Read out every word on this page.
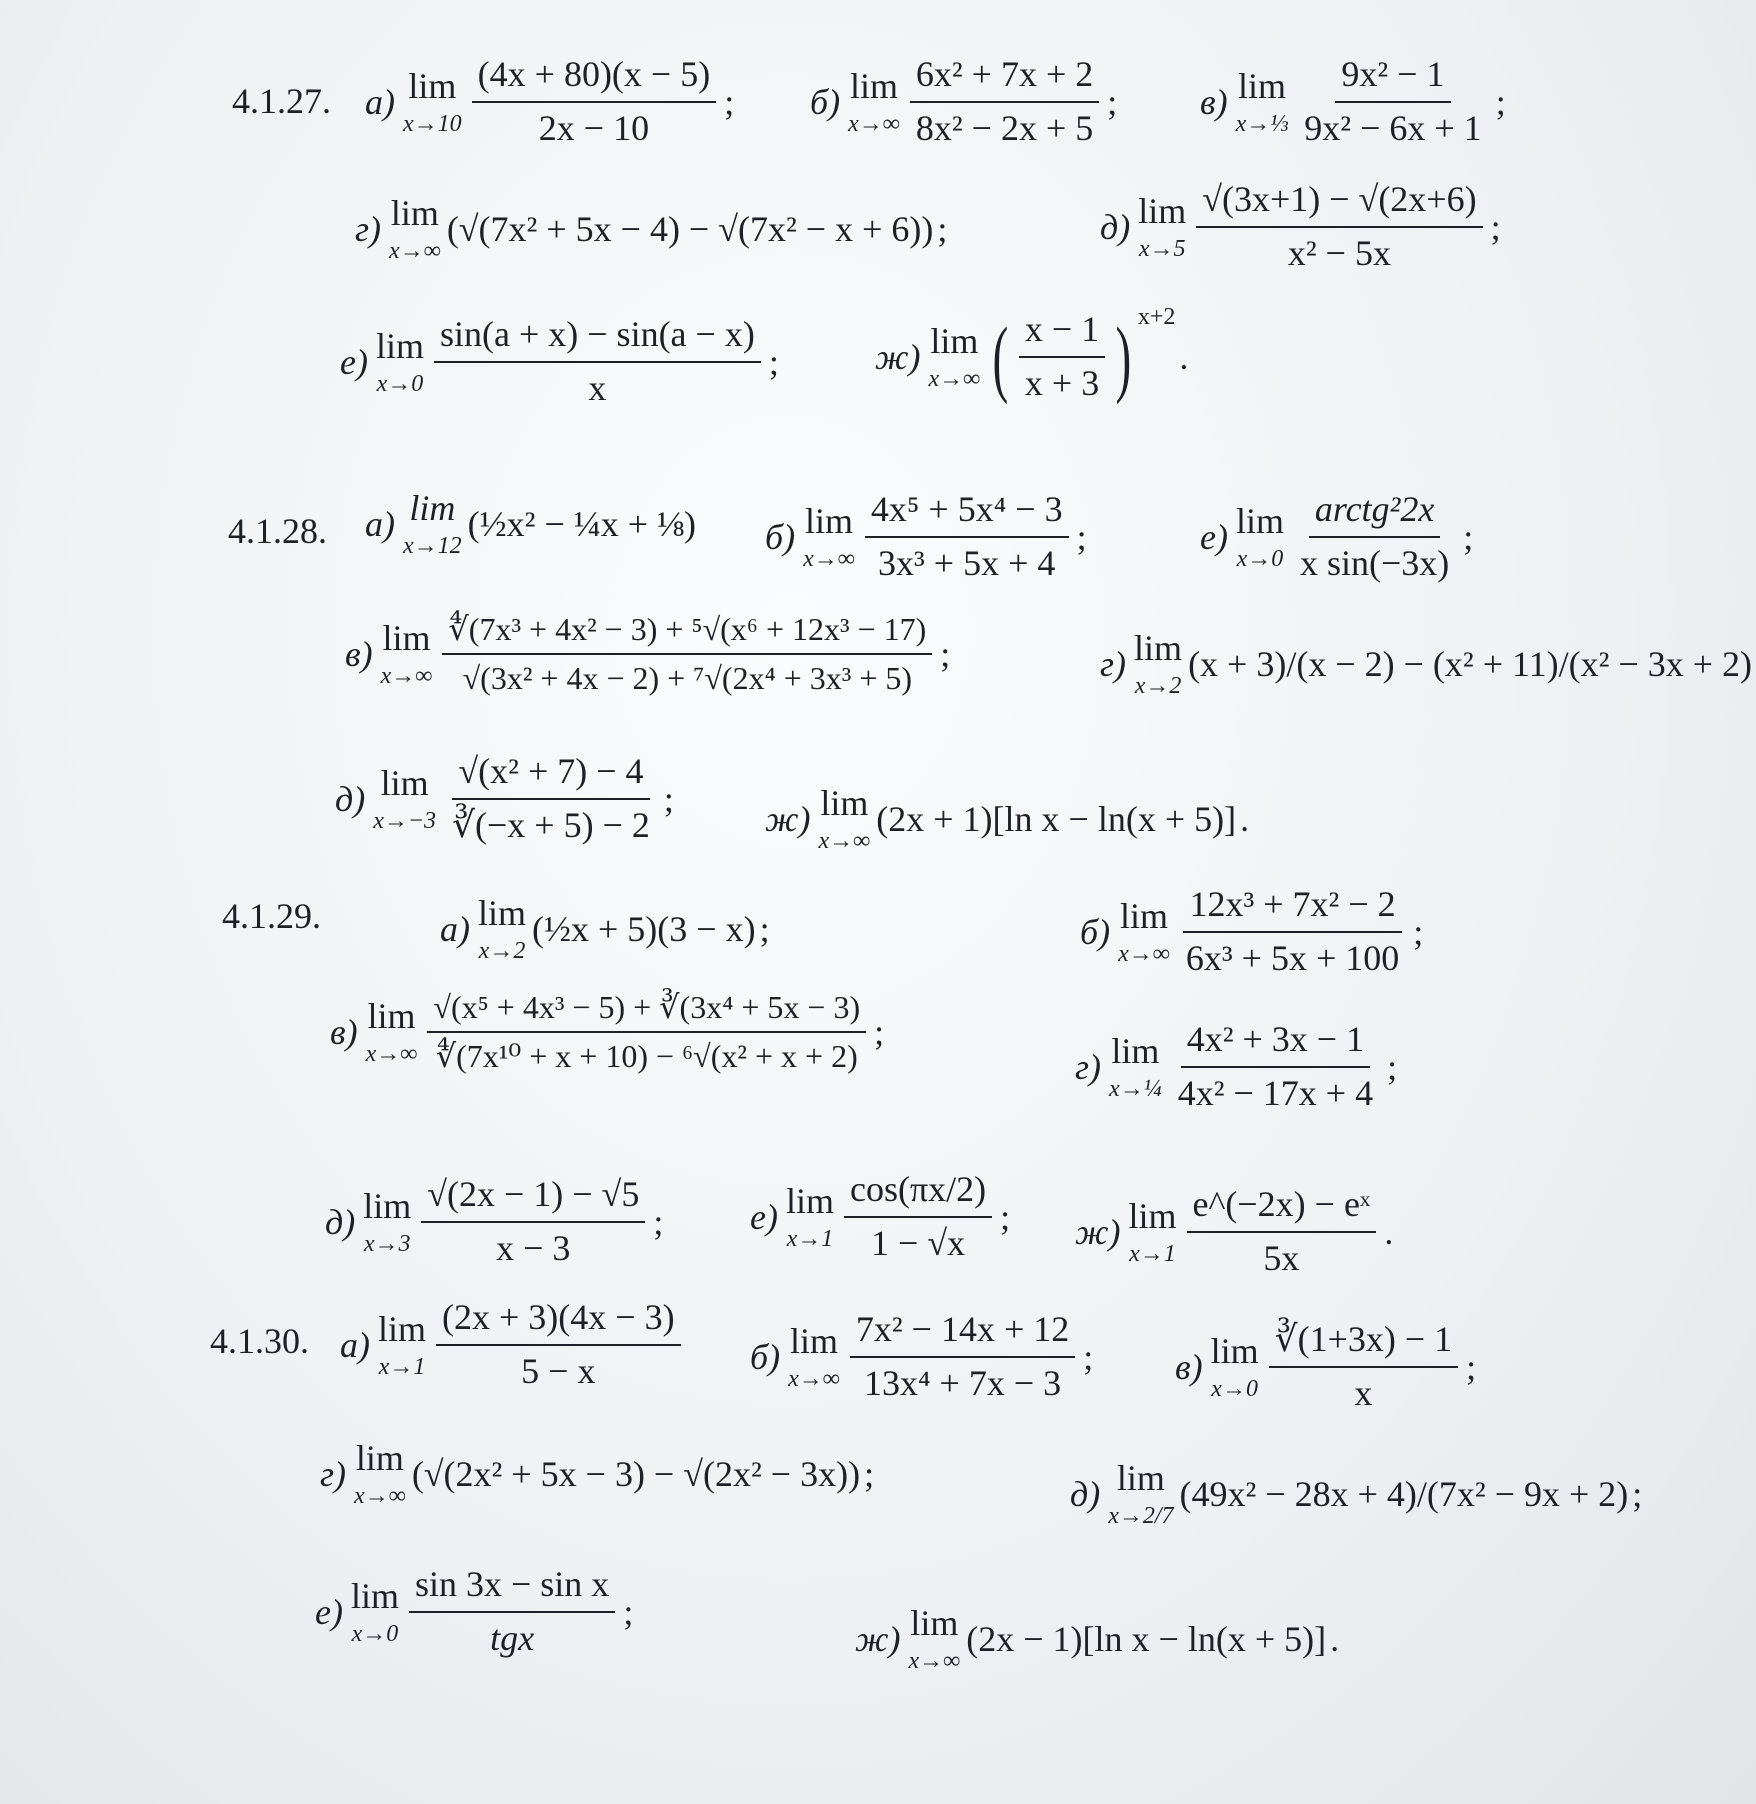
4.1.27. а) lim
$x\to 10 \frac{(4x + 80)(x - 5)}{2x - 10}$ ; б) lim
$x\to\infty \frac{\text{6x² + 7x + 2}}{\text{8x² − 2x + 5}}$ ; в) lim
x→⅓ $\frac{\text{9x² − 1}}{\text{9x² − 6x + 1}}$ ;
г) lim
x→∞
(√(7x² + 5x − 4) − √(7x² − x + 6)) ;	д) lim
$x\to 5 \frac{√(3x+1) - √(2x+6)}{\text{x² − 5x}}$ ;
е) lim
$x\to 0 \frac{\sin(a + x) - \sin(a - x)}{x}$ ;	ж) lim
x→∞ ( $\frac{x - 1}{x + 3}$ ) x+2
.
4.1.28. а) lim
x→12
(½x² − ¼x + ⅛) б) lim
$x\to\infty \frac{\text{4x⁵ + 5x⁴ − 3}}{\text{3x³ + 5x + 4}}$ ;	е) lim
$x\to 0 \frac{\text{arctg²2x}}{\text{x sin(−3x)}}$ ;
в) lim
$x\to\infty \frac{\text{∜(7x³ + 4x² − 3) + ⁵√(x⁶ + 12x³ − 17)}}{\text{√(3x² + 4x − 2) + ⁷√(2x⁴ + 3x³ + 5)}}$ ;	г) lim
x→2
(x + 3)/(x − 2) − (x² + 11)/(x² − 3x + 2)
д) lim
$x\to-3 \frac{\text{√(x² + 7) − 4}}{∛(-x + 5) - 2}$ ;
ж) lim
x→∞
(2x + 1)[ln x − ln(x + 5)] .
4.1.29.	а) lim
x→2
(½x + 5)(3 − x) ;	б) lim
$x\to\infty \frac{\text{12x³ + 7x² − 2}}{\text{6x³ + 5x + 100}}$ ;
в) lim
$x\to\infty \frac{\text{√(x⁵ + 4x³ − 5) + ∛(3x⁴ + 5x − 3)}}{\text{∜(7x¹⁰ + x + 10) − ⁶√(x² + x + 2)}}$ ;
г) lim
x→¼ $\frac{\text{4x² + 3x − 1}}{\text{4x² − 17x + 4}}$ ;
д) lim
$x\to 3 \frac{√(2x - 1) - √5}{x - 3}$ ; е) lim
$x\to 1 \frac{\cos(\pi x/2)}{1 - √x}$ ; ж) lim
$x\to 1 \frac{\text{e\textasciicircum{}(−2x) − eˣ}}{5x}$ .
4.1.30. а) lim
$x\to 1 \frac{(2x + 3)(4x - 3)}{5 - x} б$) lim
$x\to\infty \frac{\text{7x² − 14x + 12}}{\text{13x⁴ + 7x − 3}}$ ; в) lim
$x\to 0 \frac{∛(1+3x) - 1}{x}$ ;
г) lim
x→∞
(√(2x² + 5x − 3) − √(2x² − 3x)) ;	д) lim
x→2/7
(49x² − 28x + 4)/(7x² − 9x + 2) ;
е) lim
$x\to 0 \frac{\text{sin 3x − sin x}}{\text{tgx}}$ ;
ж) lim
x→∞
(2x − 1)[ln x − ln(x + 5)] .
